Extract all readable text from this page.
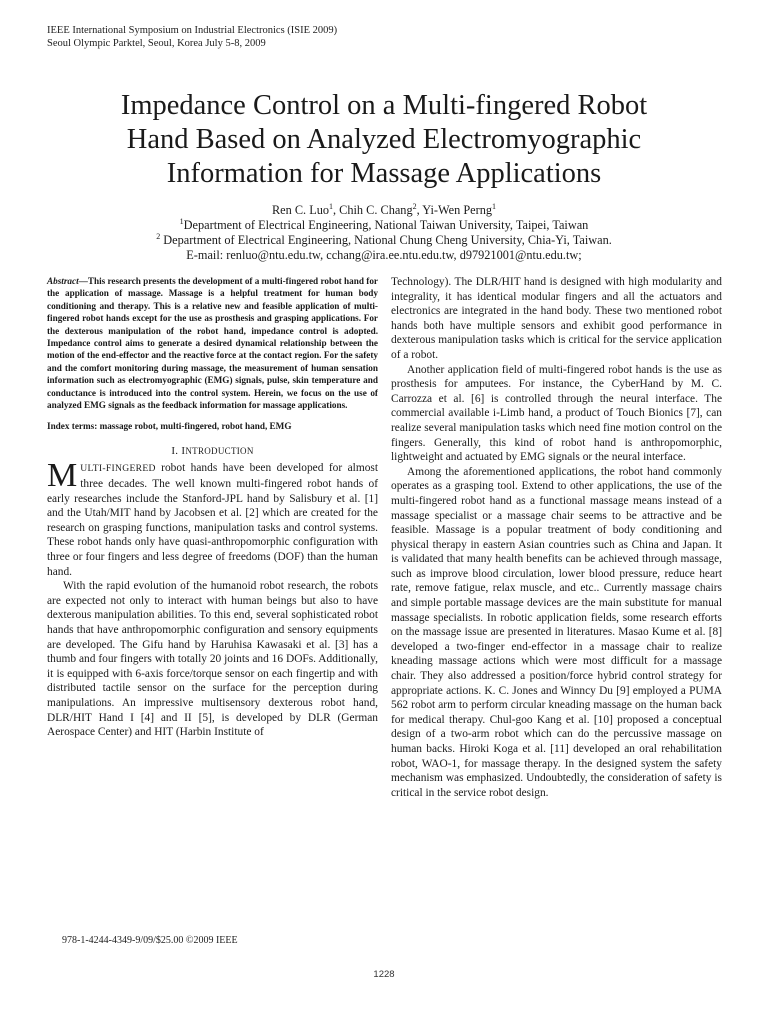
IEEE International Symposium on Industrial Electronics (ISIE 2009)
Seoul Olympic Parktel, Seoul, Korea July 5-8, 2009
Impedance Control on a Multi-fingered Robot
Hand Based on Analyzed Electromyographic
Information for Massage Applications
Ren C. Luo$^1$, Chih C. Chang$^2$, Yi-Wen Perng$^1$
$^1$Department of Electrical Engineering, National Taiwan University, Taipei, Taiwan
$^2$ Department of Electrical Engineering, National Chung Cheng University, Chia-Yi, Taiwan.
E-mail: renluo@ntu.edu.tw, cchang@ira.ee.ntu.edu.tw, d97921001@ntu.edu.tw;

Abstract—This research presents the development of a multi-fingered robot hand for the application of massage. Massage is a helpful treatment for human body conditioning and therapy. This is a relative new and feasible application of multi-fingered robot hands except for the use as prosthesis and grasping applications. For the dexterous manipulation of the robot hand, impedance control is adopted. Impedance control aims to generate a desired dynamical relationship between the motion of the end-effector and the reactive force at the contact region. For the safety and the comfort monitoring during massage, the measurement of human sensation information such as electromyographic (EMG) signals, pulse, skin temperature and conductance is introduced into the control system. Herein, we focus on the use of analyzed EMG signals as the feedback information for massage applications.

Index terms: massage robot, multi-fingered, robot hand, EMG

I. INTRODUCTION

MULTI-FINGERED robot hands have been developed for almost three decades. The well known multi-fingered robot hands of early researches include the Stanford-JPL hand by Salisbury et al. [1] and the Utah/MIT hand by Jacobsen et al. [2] which are created for the research on grasping functions, manipulation tasks and control systems. These robot hands only have quasi-anthropomorphic configuration with three or four fingers and less degree of freedoms (DOF) than the human hand.

With the rapid evolution of the humanoid robot research, the robots are expected not only to interact with human beings but also to have dexterous manipulation abilities. To this end, several sophisticated robot hands that have anthropomorphic configuration and sensory equipments are developed. The Gifu hand by Haruhisa Kawasaki et al. [3] has a thumb and four fingers with totally 20 joints and 16 DOFs. Additionally, it is equipped with 6-axis force/torque sensor on each fingertip and with distributed tactile sensor on the surface for the perception during manipulations. An impressive multisensory dexterous robot hand, DLR/HIT Hand I [4] and II [5], is developed by DLR (German Aerospace Center) and HIT (Harbin Institute of

Technology). The DLR/HIT hand is designed with high modularity and integrality, it has identical modular fingers and all the actuators and electronics are integrated in the hand body. These two mentioned robot hands both have multiple sensors and exhibit good performance in dexterous manipulation tasks which is critical for the service application of a robot.

Another application field of multi-fingered robot hands is the use as prosthesis for amputees. For instance, the CyberHand by M. C. Carrozza et al. [6] is controlled through the neural interface. The commercial available i-Limb hand, a product of Touch Bionics [7], can realize several manipulation tasks which need fine motion control on the fingers. Generally, this kind of robot hand is anthropomorphic, lightweight and actuated by EMG signals or the neural interface.

Among the aforementioned applications, the robot hand commonly operates as a grasping tool. Extend to other applications, the use of the multi-fingered robot hand as a functional massage means instead of a massage specialist or a massage chair seems to be attractive and be feasible. Massage is a popular treatment of body conditioning and physical therapy in eastern Asian countries such as China and Japan. It is validated that many health benefits can be achieved through massage, such as improve blood circulation, lower blood pressure, reduce heart rate, remove fatigue, relax muscle, and etc.. Currently massage chairs and simple portable massage devices are the main substitute for manual massage specialists. In robotic application fields, some research efforts on the massage issue are presented in literatures. Masao Kume et al. [8] developed a two-finger end-effector in a massage chair to realize kneading massage actions which were most difficult for a massage chair. They also addressed a position/force hybrid control strategy for appropriate actions. K. C. Jones and Winncy Du [9] employed a PUMA 562 robot arm to perform circular kneading massage on the human back for medical therapy. Chul-goo Kang et al. [10] proposed a conceptual design of a two-arm robot which can do the percussive massage on human backs. Hiroki Koga et al. [11] developed an oral rehabilitation robot, WAO-1, for massage therapy. In the designed system the safety mechanism was emphasized. Undoubtedly, the consideration of safety is critical in the service robot design.

978-1-4244-4349-9/09/$25.00 ©2009 IEEE
1228
